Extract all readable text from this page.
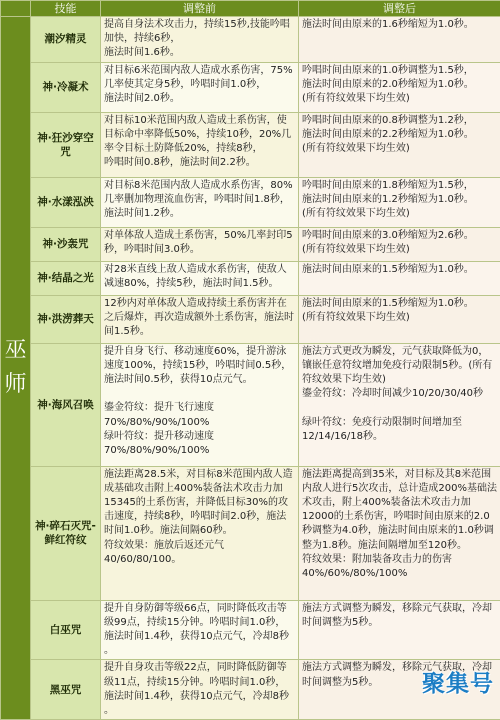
	技能	调整前	调整后
巫师	潮汐精灵	提高自身法术攻击力，持续15秒,技能吟唱加快，持续6秒，
施法时间1.6秒。	施法时间由原来的1.6秒缩短为1.0秒。
	神·冷凝术	对目标6米范围内敌人造成水系伤害，75%几率使其定身5秒，吟唱时间1.0秒，
施法时间2.0秒。	吟唱时间由原来的1.0秒调整为1.5秒，
施法时间由原来的2.0秒缩短为1.0秒。
(所有符纹效果下均生效)
	神·狂沙穿空咒	对目标10米范围内敌人造成土系伤害，使目标命中率降低50%，持续10秒，20%几率令目标土防降低20%，持续8秒，
吟唱时间0.8秒，施法时间2.2秒。	吟唱时间由原来的0.8秒调整为1.2秒，
施法时间由原来的2.2秒缩短为1.0秒。
(所有符纹效果下均生效)
	神·水漾泓泱	对目标8米范围内敌人造成水系伤害，80%几率删加物理流血伤害，吟唱时间1.8秒，施法时间1.2秒。	吟唱时间由原来的1.8秒缩短为1.5秒，
施法时间由原来的1.2秒缩短为1.0秒。
(所有符纹效果下均生效)
	神·沙轰咒	对单体敌人造成土系伤害，50%几率封印5秒，吟唱时间3.0秒。	吟唱时间由原来的3.0秒缩短为2.6秒。
(所有符纹效果下均生效)
	神·结晶之光	对28米直线上敌人造成水系伤害，使敌人减速80%，持续5秒，施法时间1.5秒。	施法时间由原来的1.5秒缩短为1.0秒。
	神·洪涝葬天	12秒内对单体敌人造成持续土系伤害并在之后爆炸，再次造成额外土系伤害，施法时间1.5秒。	施法时间由原来的1.5秒缩短为1.0秒。
(所有符纹效果下均生效)
	神·海风召唤	提升自身飞行、移动速度60%，提升游泳速度100%，持续15秒，吟唱时间0.5秒，施法时间0.5秒，获得10点元气。

鎏金符纹：提升飞行速度
70%/80%/90%/100%
绿叶符纹：提升移动速度
70%/80%/90%/100%	施法方式更改为瞬发，元气获取降低为0，镶嵌任意符纹增加免疫行动限制5秒。(所有符纹效果下均生效)
鎏金符纹：冷却时间减少10/20/30/40秒

绿叶符纹：免疫行动限制时间增加至12/14/16/18秒。
	神·碎石灭咒-鲜红符纹	施法距离28.5米，对目标8米范围内敌人造成基础攻击附上400%装备法术攻击力加15345的土系伤害，并降低目标30%的攻击速度，持续8秒，吟唱时间2.0秒，施法时间1.0秒。施法间隔60秒。
符纹效果：施放后返还元气
40/60/80/100。	施法距离提高到35米，对目标及其8米范围内敌人进行5次攻击，总计造成200%基础法术攻击，附上400%装备法术攻击力加12000的土系伤害，吟唱时间由原来的2.0秒调整为4.0秒，施法时间由原来的1.0秒调整为1.8秒。施法间隔增加至120秒。
符纹效果：附加装备攻击力的伤害
40%/60%/80%/100%
	白巫咒	提升自身防御等级66点，同时降低攻击等级99点，持续15分钟。吟唱时间1.0秒，施法时间1.4秒，获得10点元气，冷却8秒
。	施法方式调整为瞬发，移除元气获取，冷却时间调整为5秒。
	黑巫咒	提升自身攻击等级22点，同时降低防御等级11点，持续15分钟。吟唱时间1.0秒，施法时间1.4秒，获得10点元气，冷却8秒
。	施法方式调整为瞬发，移除元气获取，冷却时间调整为5秒。 聚集号
